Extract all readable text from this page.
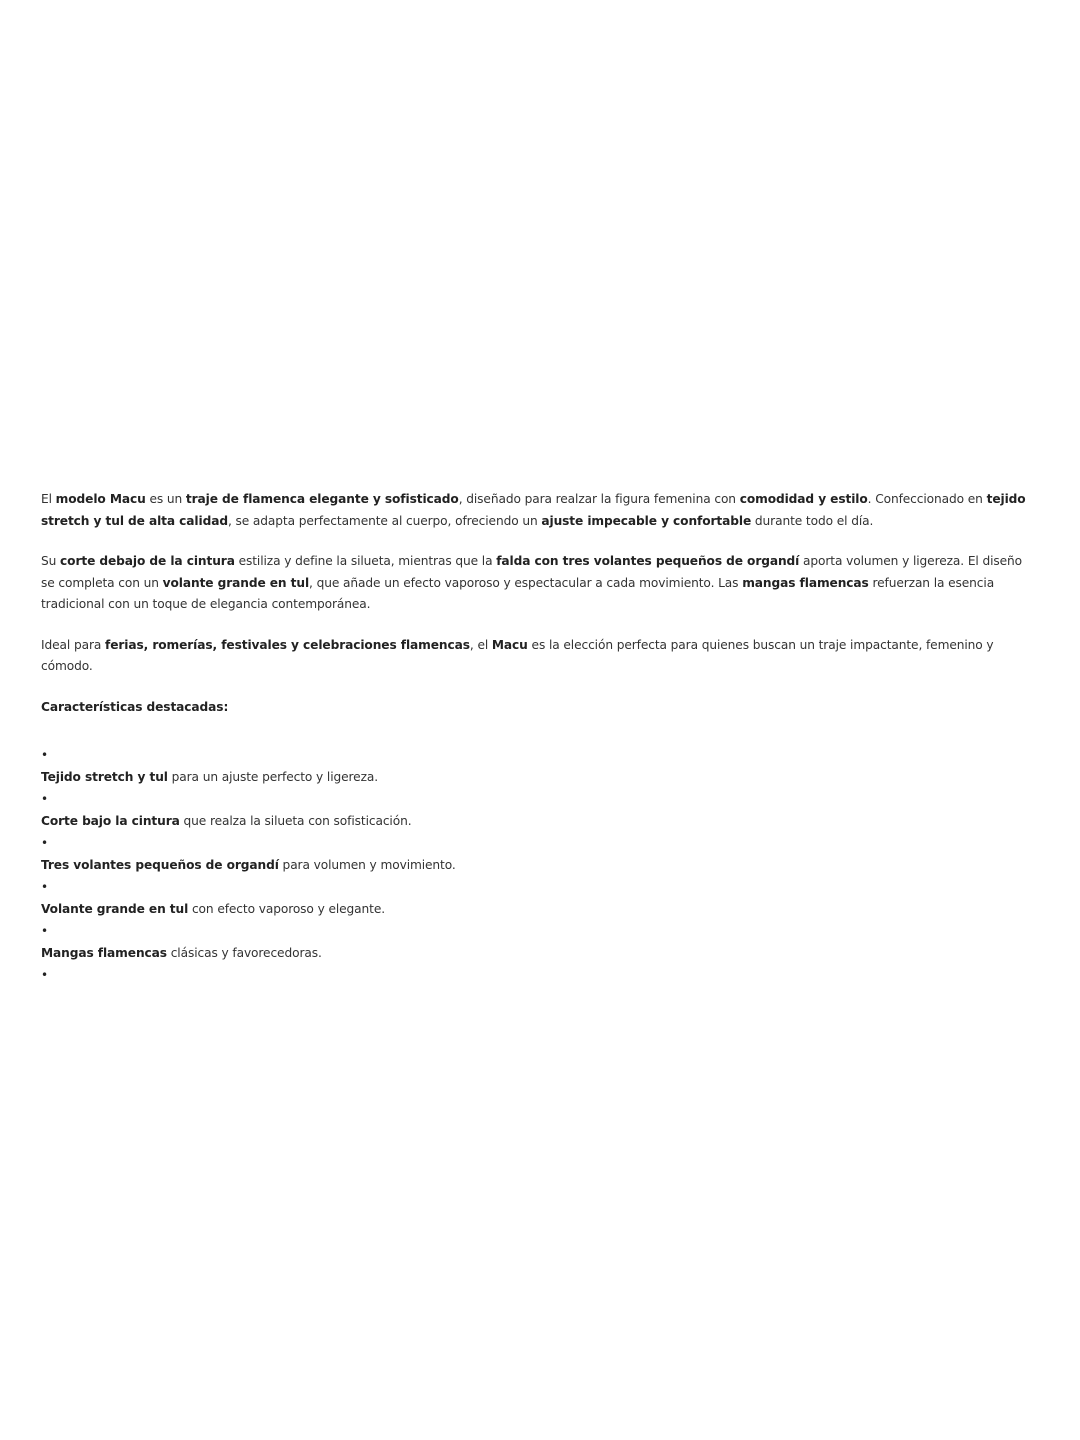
El modelo Macu es un traje de flamenca elegante y sofisticado, diseñado para realzar la figura femenina con comodidad y estilo. Confeccionado en tejido stretch y tul de alta calidad, se adapta perfectamente al cuerpo, ofreciendo un ajuste impecable y confortable durante todo el día.

Su corte debajo de la cintura estiliza y define la silueta, mientras que la falda con tres volantes pequeños de organdí aporta volumen y ligereza. El diseño se completa con un volante grande en tul, que añade un efecto vaporoso y espectacular a cada movimiento. Las mangas flamencas refuerzan la esencia tradicional con un toque de elegancia contemporánea.

Ideal para ferias, romerías, festivales y celebraciones flamencas, el Macu es la elección perfecta para quienes buscan un traje impactante, femenino y cómodo.

Características destacadas:
•
Tejido stretch y tul para un ajuste perfecto y ligereza.
•
Corte bajo la cintura que realza la silueta con sofisticación.
•
Tres volantes pequeños de organdí para volumen y movimiento.
•
Volante grande en tul con efecto vaporoso y elegante.
•
Mangas flamencas clásicas y favorecedoras.
•
